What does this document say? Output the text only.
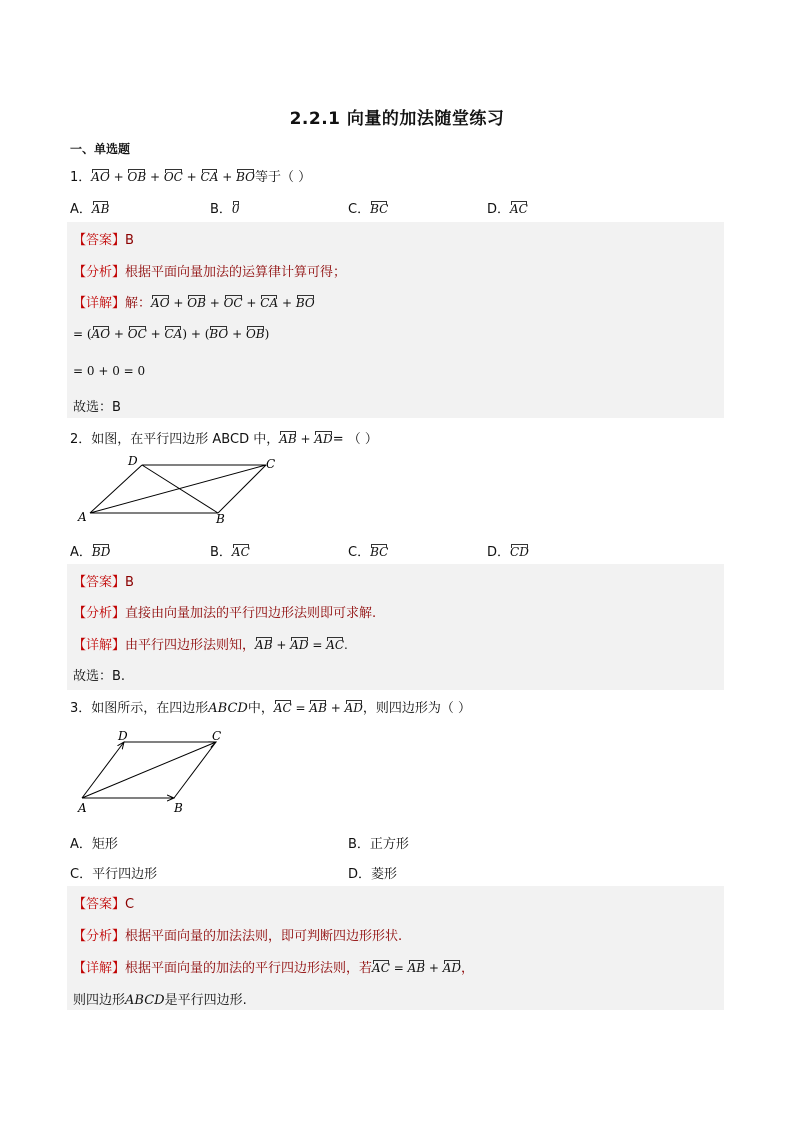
2.2.1 向量的加法随堂练习
一、单选题
1．AO + OB + OC + CA + BO等于（ ）
A．AB	B．0	C．BC	D．AC
【答案】B
【分析】根据平面向量加法的运算律计算可得；
【详解】解：AO + OB + OC + CA + BO
= (AO + OC + CA) + (BO + OB)
= 0 + 0 = 0
故选：B
2．如图，在平行四边形 ABCD 中，AB + AD= （ ）
A	B
C
D
A．BD	B．AC	C．BC	D．CD
【答案】B
【分析】直接由向量加法的平行四边形法则即可求解.
【详解】由平行四边形法则知，AB + AD = AC.
故选：B.
3．如图所示，在四边形ABCD中，AC = AB + AD，则四边形为（ ）
A	B
C
D
A．矩形	B．正方形
C．平行四边形	D．菱形
【答案】C
【分析】根据平面向量的加法法则，即可判断四边形形状.
【详解】根据平面向量的加法的平行四边形法则，若AC = AB + AD，
则四边形ABCD是平行四边形.
